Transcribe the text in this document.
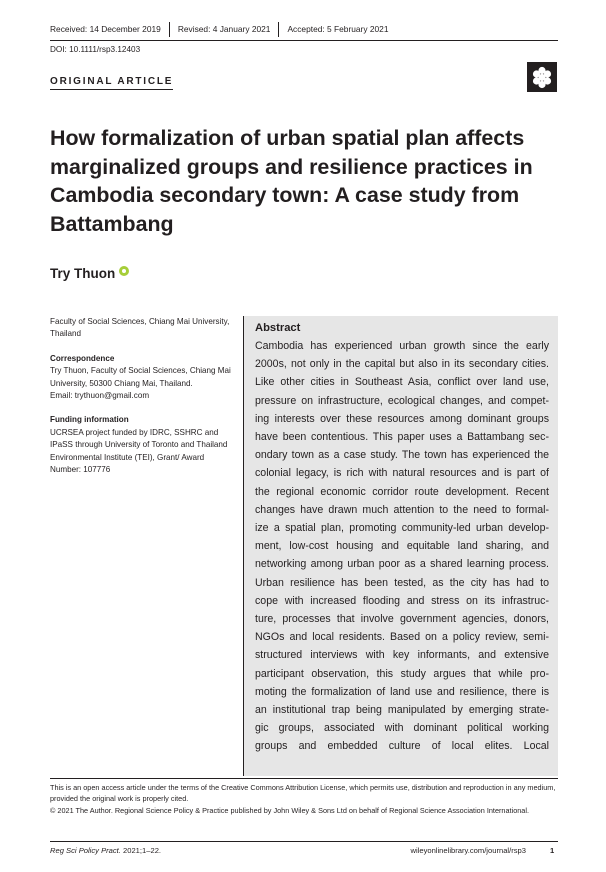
Received: 14 December 2019	Revised: 4 January 2021	Accepted: 5 February 2021
DOI: 10.1111/rsp3.12403
ORIGINAL ARTICLE
How formalization of urban spatial plan affects marginalized groups and resilience practices in Cambodia secondary town: A case study from Battambang
Try Thuon

Faculty of Social Sciences, Chiang Mai University, Thailand

Correspondence

Try Thuon, Faculty of Social Sciences, Chiang Mai University, 50300 Chiang Mai, Thailand.

Email: trythuon@gmail.com

Funding information

UCRSEA project funded by IDRC, SSHRC and IPaSS through University of Toronto and Thailand Environmental Institute (TEI), Grant/ Award Number: 107776

Abstract
Cambodia has experienced urban growth since the early
2000s, not only in the capital but also in its secondary cities.
Like other cities in Southeast Asia, conflict over land use,
pressure on infrastructure, ecological changes, and compet-
ing interests over these resources among dominant groups
have been contentious. This paper uses a Battambang sec-
ondary town as a case study. The town has experienced the
colonial legacy, is rich with natural resources and is part of
the regional economic corridor route development. Recent
changes have drawn much attention to the need to formal-
ize a spatial plan, promoting community-led urban develop-
ment, low-cost housing and equitable land sharing, and
networking among urban poor as a shared learning process.
Urban resilience has been tested, as the city has had to
cope with increased flooding and stress on its infrastruc-
ture, processes that involve government agencies, donors,
NGOs and local residents. Based on a policy review, semi-
structured interviews with key informants, and extensive
participant observation, this study argues that while pro-
moting the formalization of land use and resilience, there is
an institutional trap being manipulated by emerging strate-
gic groups, associated with dominant political working
groups and embedded culture of local elites. Local

This is an open access article under the terms of the Creative Commons Attribution License, which permits use, distribution and reproduction in any medium, provided the original work is properly cited.

© 2021 The Author. Regional Science Policy & Practice published by John Wiley & Sons Ltd on behalf of Regional Science Association International.

Reg Sci Policy Pract. 2021;1–22.	wileyonlinelibrary.com/journal/rsp3	1
